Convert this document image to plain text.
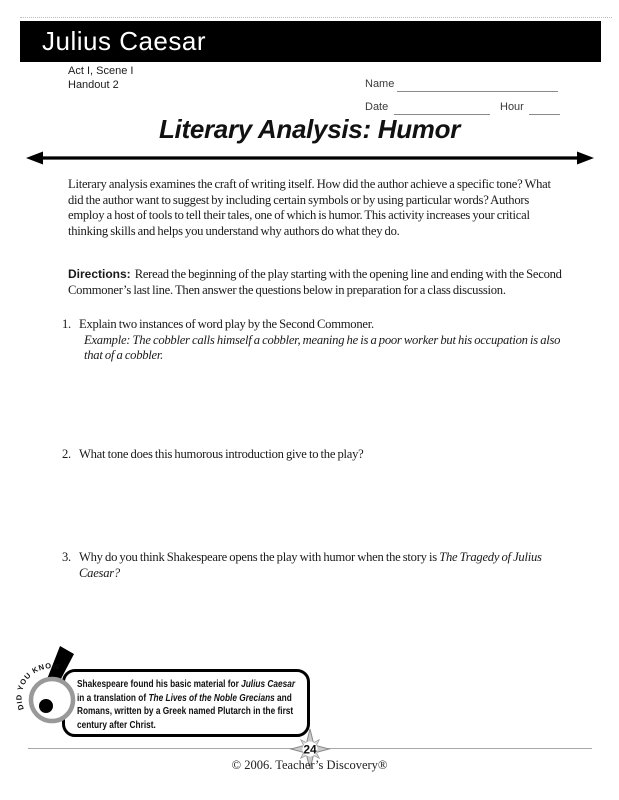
Julius Caesar
Act I, Scene I
Handout 2	Name
Date	Hour
Literary Analysis: Humor

Literary analysis examines the craft of writing itself. How did the author achieve a specific tone? What did the author want to suggest by including certain symbols or by using particular words? Authors employ a host of tools to tell their tales, one of which is humor. This activity increases your critical thinking skills and helps you understand why authors do what they do.

Directions: Reread the beginning of the play starting with the opening line and ending with the Second Commoner’s last line. Then answer the questions below in preparation for a class discussion.

1. Explain two instances of word play by the Second Commoner.
Example: The cobbler calls himself a cobbler, meaning he is a poor worker but his occupation is also that of a cobbler.
2. What tone does this humorous introduction give to the play?
3. Why do you think Shakespeare opens the play with humor when the story is The Tragedy of Julius Caesar?
Shakespeare found his basic material for Julius Caesar in a translation of The Lives of the Noble Grecians and Romans, written by a Greek named Plutarch in the first century after Christ.
DID YOU KNOW
24
© 2006. Teacher’s Discovery®
